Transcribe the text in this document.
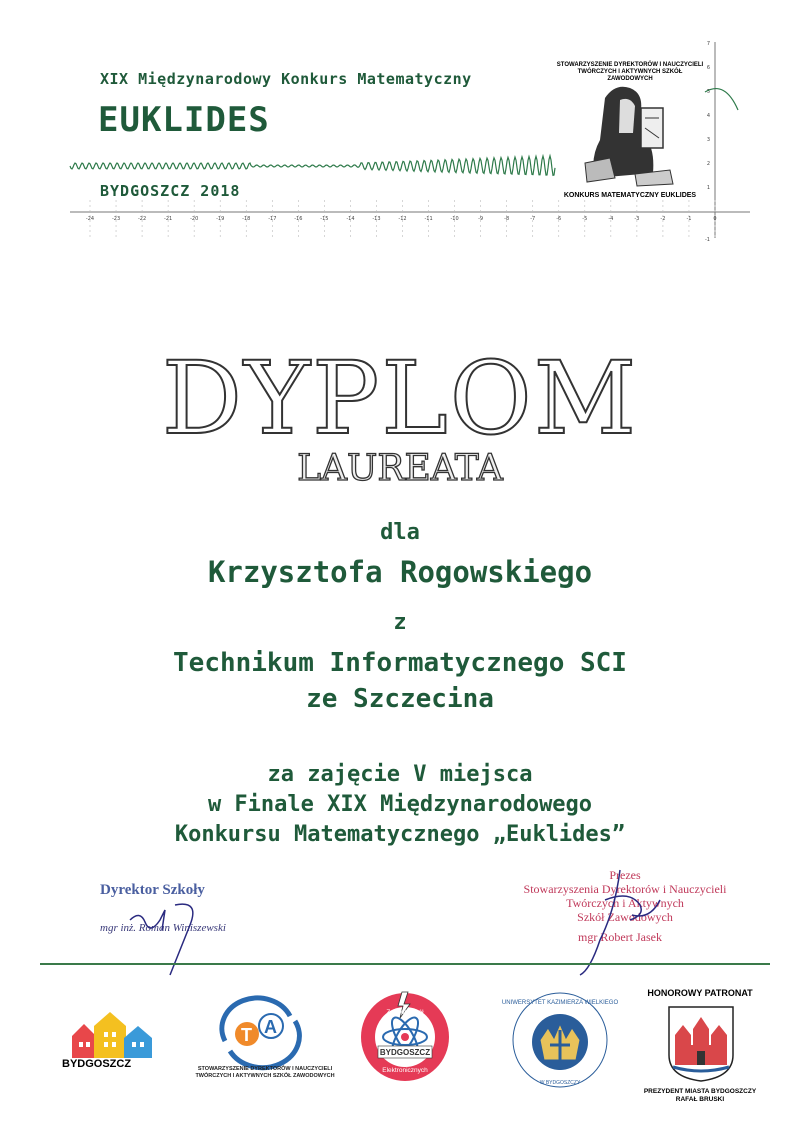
-24	-23	-22	-21	-20	-19	-18	-17	-16	-15	-14	-13	-12	-11	-10	-9	-8	-7	-6	-5	-4	-3	-2	-1	0
7
6
5
4
3
2
1
-1
XIX Międzynarodowy Konkurs Matematyczny
EUKLIDES
BYDGOSZCZ 2018
STOWARZYSZENIE DYREKTORÓW I NAUCZYCIELI
TWÓRCZYCH I AKTYWNYCH SZKÓŁ ZAWODOWYCH
KONKURS MATEMATYCZNY EUKLIDES
DYPLOM
LAUREATA
dla
Krzysztofa Rogowskiego
z
Technikum Informatycznego SCI
ze Szczecina
za zajęcie V miejsca
w Finale XIX Międzynarodowego
Konkursu Matematycznego „Euklides”
Dyrektor Szkoły
mgr inż. Roman Winiszewski
Prezes
Stowarzyszenia Dyrektorów i Nauczycieli
Twórczych i Aktywnych
Szkół Zawodowych
mgr Robert Jasek
BYDGOSZCZ
T A
STOWARZYSZENIE DYREKTORÓW I NAUCZYCIELI
TWÓRCZYCH I AKTYWNYCH SZKÓŁ ZAWODOWYCH
BYDGOSZCZ
Zespół Szkół
Elektronicznych
UNIWERSYTET KAZIMIERZA WIELKIEGO
W BYDGOSZCZY
HONOROWY PATRONAT
PREZYDENT MIASTA BYDGOSZCZY
RAFAŁ BRUSKI
